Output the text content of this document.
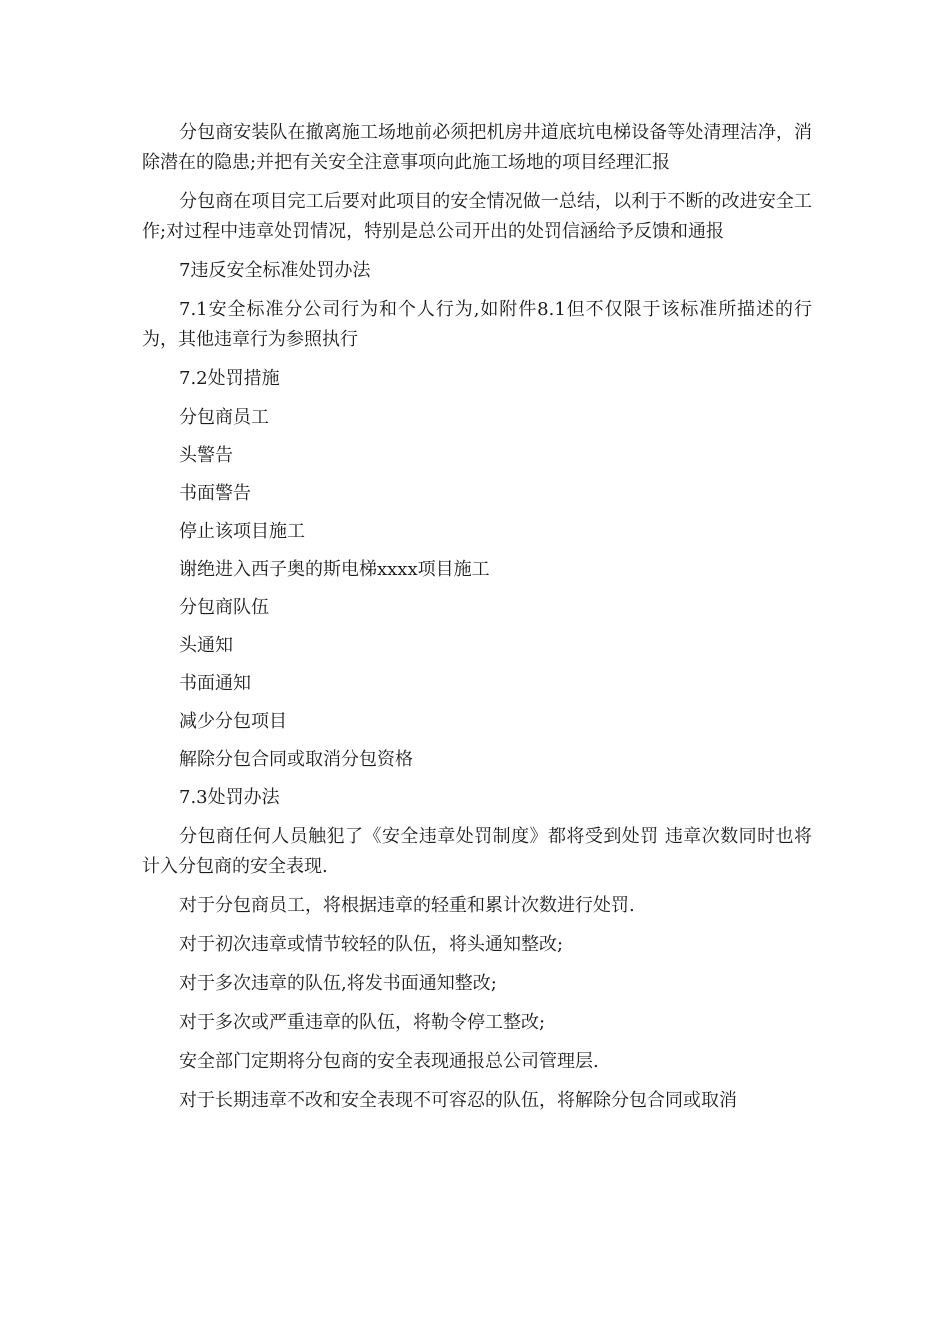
分包商安装队在撤离施工场地前必须把机房井道底坑电梯设备等处清理洁净，消除潜在的隐患;并把有关安全注意事项向此施工场地的项目经理汇报

分包商在项目完工后要对此项目的安全情况做一总结，以利于不断的改进安全工作;对过程中违章处罚情况，特别是总公司开出的处罚信涵给予反馈和通报

7违反安全标准处罚办法

7.1安全标准分公司行为和个人行为,如附件8.1但不仅限于该标准所描述的行为，其他违章行为参照执行

7.2处罚措施

分包商员工

头警告

书面警告

停止该项目施工

谢绝进入西子奥的斯电梯xxxx项目施工

分包商队伍

头通知

书面通知

减少分包项目

解除分包合同或取消分包资格

7.3处罚办法

分包商任何人员触犯了《安全违章处罚制度》都将受到处罚 违章次数同时也将计入分包商的安全表现.

对于分包商员工，将根据违章的轻重和累计次数进行处罚.

对于初次违章或情节较轻的队伍，将头通知整改;

对于多次违章的队伍,将发书面通知整改;

对于多次或严重违章的队伍，将勒令停工整改;

安全部门定期将分包商的安全表现通报总公司管理层.

对于长期违章不改和安全表现不可容忍的队伍，将解除分包合同或取消
